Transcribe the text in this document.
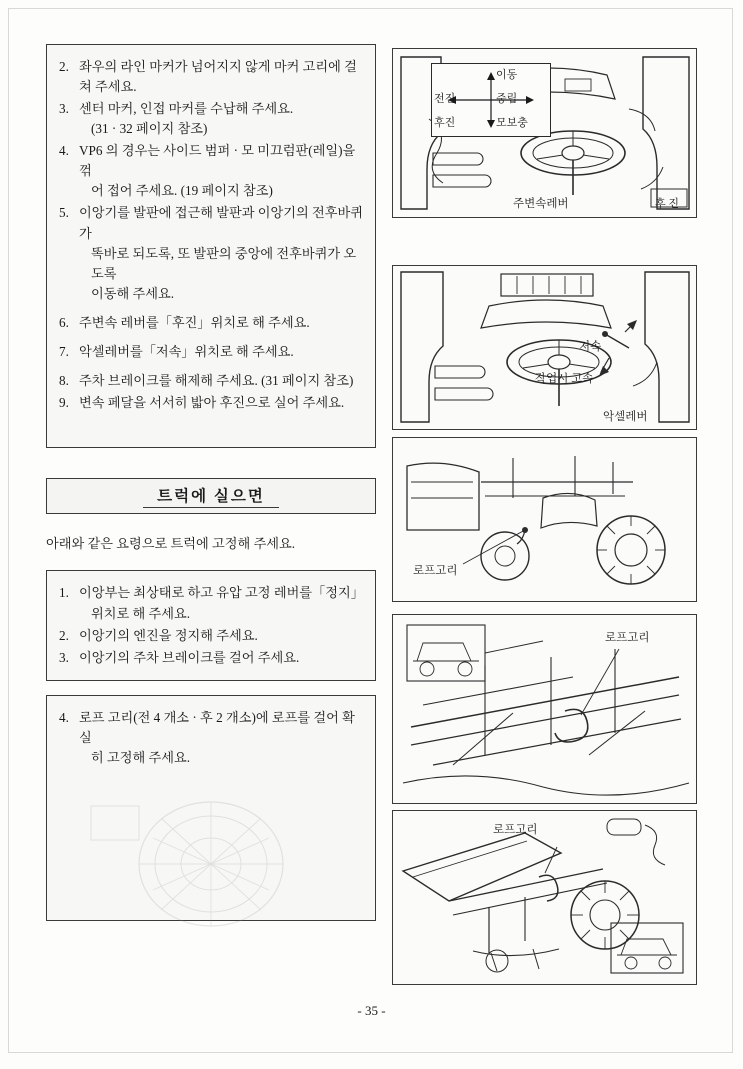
2. 좌우의 라인 마커가 넘어지지 않게 마커 고리에 걸쳐 주세요.
3. 센터 마커, 인접 마커를 수납해 주세요.
(31 · 32 페이지 참조)
4. VP6 의 경우는 사이드 범퍼 · 모 미끄럼판(레일)을 꺾
어 접어 주세요. (19 페이지 참조)
5. 이앙기를 발판에 접근해 발판과 이앙기의 전후바퀴가
똑바로 되도록, 또 발판의 중앙에 전후바퀴가 오도록
이동해 주세요.
6. 주변속 레버를「후진」위치로 해 주세요.
7. 악셀레버를「저속」위치로 해 주세요.
8. 주차 브레이크를 해제해 주세요. (31 페이지 참조)
9. 변속 페달을 서서히 밟아 후진으로 실어 주세요.
트럭에 실으면
아래와 같은 요령으로 트럭에 고정해 주세요.
1. 이앙부는 최상태로 하고 유압 고정 레버를「정지」
위치로 해 주세요.
2. 이앙기의 엔진을 정지해 주세요.
3. 이앙기의 주차 브레이크를 걸어 주세요.
4. 로프 고리(전 4 개소 · 후 2 개소)에 로프를 걸어 확실
히 고정해 주세요.
이동
전진	중립
후진	모보충
주변속레버	후 진
저속
작업시 고속
악셀레버
로프고리
로프고리
로프고리
- 35 -
